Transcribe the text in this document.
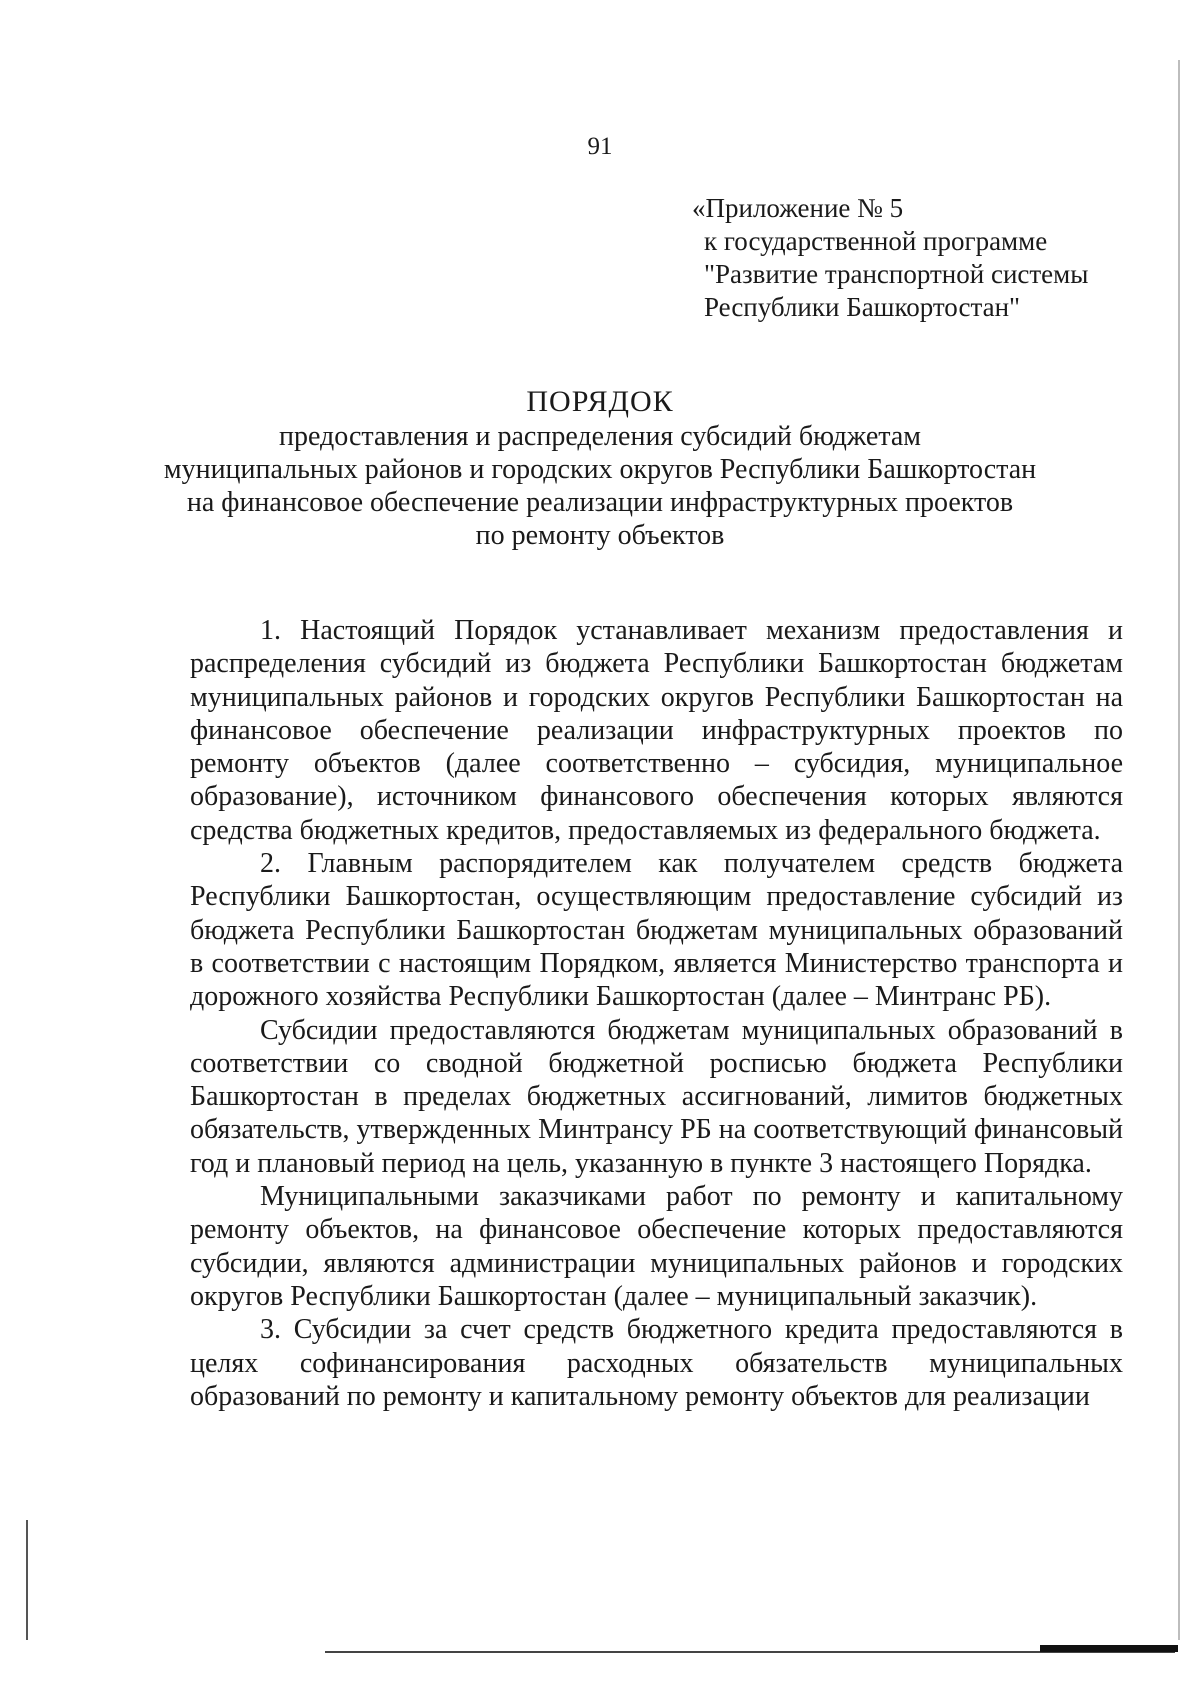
91
«Приложение № 5
к государственной программе
"Развитие транспортной системы
Республики Башкортостан"
ПОРЯДОК
предоставления и распределения субсидий бюджетам
муниципальных районов и городских округов Республики Башкортостан
на финансовое обеспечение реализации инфраструктурных проектов
по ремонту объектов

1. Настоящий Порядок устанавливает механизм предоставления и распределения субсидий из бюджета Республики Башкортостан бюджетам муниципальных районов и городских округов Республики Башкортостан на финансовое обеспечение реализации инфраструктурных проектов по ремонту объектов (далее соответственно – субсидия, муниципальное образование), источником финансового обеспечения которых являются средства бюджетных кредитов, предоставляемых из федерального бюджета.

2. Главным распорядителем как получателем средств бюджета Республики Башкортостан, осуществляющим предоставление субсидий из бюджета Республики Башкортостан бюджетам муниципальных образований в соответствии с настоящим Порядком, является Министерство транспорта и дорожного хозяйства Республики Башкортостан (далее – Минтранс РБ).

Субсидии предоставляются бюджетам муниципальных образований в соответствии со сводной бюджетной росписью бюджета Республики Башкортостан в пределах бюджетных ассигнований, лимитов бюджетных обязательств, утвержденных Минтрансу РБ на соответствующий финансовый год и плановый период на цель, указанную в пункте 3 настоящего Порядка.

Муниципальными заказчиками работ по ремонту и капитальному ремонту объектов, на финансовое обеспечение которых предоставляются субсидии, являются администрации муниципальных районов и городских округов Республики Башкортостан (далее – муниципальный заказчик).

3. Субсидии за счет средств бюджетного кредита предоставляются в целях софинансирования расходных обязательств муниципальных образований по ремонту и капитальному ремонту объектов для реализации
